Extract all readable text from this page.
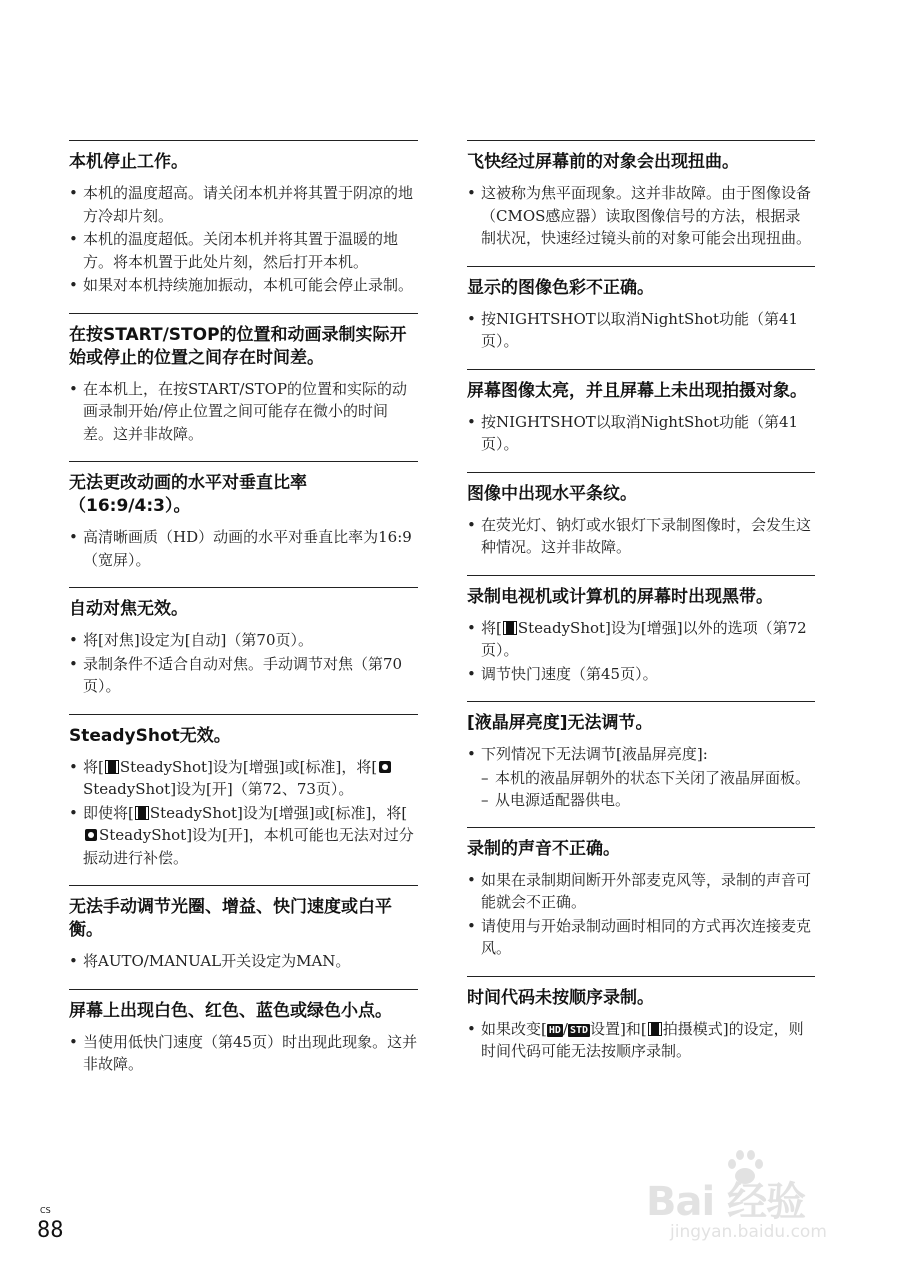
本机停止工作。
• 本机的温度超高。请关闭本机并将其置于阴凉的地方冷却片刻。
• 本机的温度超低。关闭本机并将其置于温暖的地方。将本机置于此处片刻，然后打开本机。
• 如果对本机持续施加振动，本机可能会停止录制。
在按START/STOP的位置和动画录制实际开始或停止的位置之间存在时间差。
• 在本机上，在按START/STOP的位置和实际的动画录制开始/停止位置之间可能存在微小的时间差。这并非故障。
无法更改动画的水平对垂直比率（16:9/4:3）。
• 高清晰画质（HD）动画的水平对垂直比率为16:9（宽屏）。
自动对焦无效。
• 将[对焦]设定为[自动]（第70页）。
• 录制条件不适合自动对焦。手动调节对焦（第70页）。
SteadyShot无效。
• 将[ SteadyShot]设为[增强]或[标准]，将[SteadyShot]设为[开]（第72、73页）。
• 即使将[ SteadyShot]设为[增强]或[标准]，将[SteadyShot]设为[开]，本机可能也无法对过分振动进行补偿。
无法手动调节光圈、增益、快门速度或白平衡。
• 将AUTO/MANUAL开关设定为MAN。
屏幕上出现白色、红色、蓝色或绿色小点。
• 当使用低快门速度（第45页）时出现此现象。这并非故障。
飞快经过屏幕前的对象会出现扭曲。
• 这被称为焦平面现象。这并非故障。由于图像设备（CMOS感应器）读取图像信号的方法，根据录制状况，快速经过镜头前的对象可能会出现扭曲。
显示的图像色彩不正确。
• 按NIGHTSHOT以取消NightShot功能（第41页）。
屏幕图像太亮，并且屏幕上未出现拍摄对象。
• 按NIGHTSHOT以取消NightShot功能（第41页）。
图像中出现水平条纹。
• 在荧光灯、钠灯或水银灯下录制图像时，会发生这种情况。这并非故障。
录制电视机或计算机的屏幕时出现黑带。
• 将[ SteadyShot]设为[增强]以外的选项（第72页）。
• 调节快门速度（第45页）。
[液晶屏亮度]无法调节。
• 下列情况下无法调节[液晶屏亮度]:
– 本机的液晶屏朝外的状态下关闭了液晶屏面板。
– 从电源适配器供电。
录制的声音不正确。
• 如果在录制期间断开外部麦克风等，录制的声音可能就会不正确。
• 请使用与开始录制动画时相同的方式再次连接麦克风。
时间代码未按顺序录制。
• 如果改变[ HD / STD 设置]和[ 拍摄模式]的设定，则时间代码可能无法按顺序录制。
CS
88
Bai 经验
jingyan.baidu.com
